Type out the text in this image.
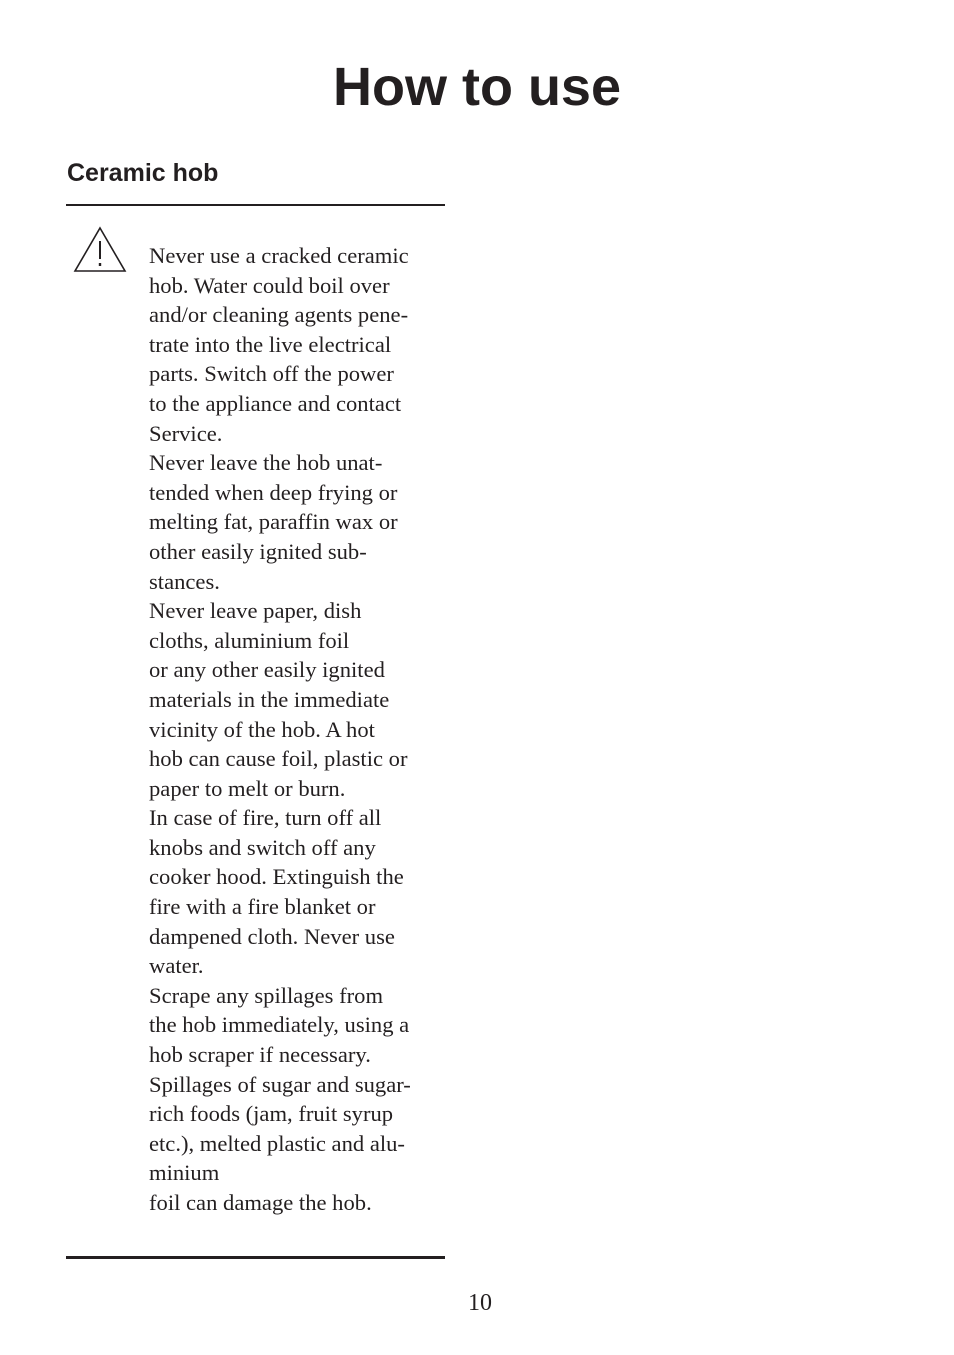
How to use
Ceramic hob
Never use a cracked ceramic
hob. Water could boil over
and/or cleaning agents pene-
trate into the live electrical
parts. Switch off the power
to the appliance and contact
Service.
Never leave the hob unat-
tended when deep frying or
melting fat, paraffin wax or
other easily ignited sub-
stances.
Never leave paper, dish
cloths, aluminium foil
or any other easily ignited
materials in the immediate
vicinity of the hob. A hot
hob can cause foil, plastic or
paper to melt or burn.
In case of fire, turn off all
knobs and switch off any
cooker hood. Extinguish the
fire with a fire blanket or
dampened cloth. Never use
water.
Scrape any spillages from
the hob immediately, using a
hob scraper if necessary.
Spillages of sugar and sugar-
rich foods (jam, fruit syrup
etc.), melted plastic and alu-
minium
foil can damage the hob.
10
